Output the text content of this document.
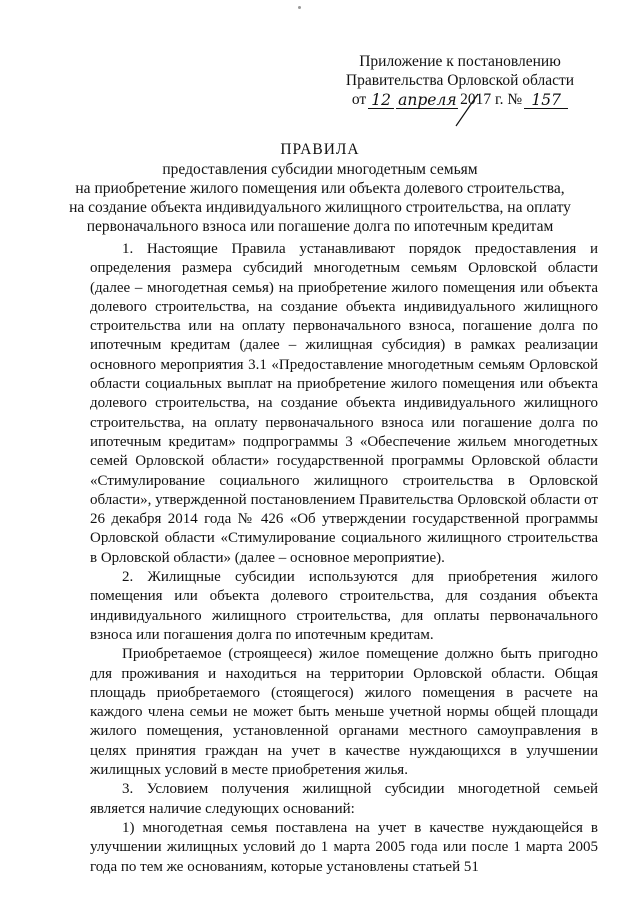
Приложение к постановлению
Правительства Орловской области
от 12 апреля 2017 г. № 157
ПРАВИЛА
предоставления субсидии многодетным семьям
на приобретение жилого помещения или объекта долевого строительства,
на создание объекта индивидуального жилищного строительства, на оплату
первоначального взноса или погашение долга по ипотечным кредитам

1. Настоящие Правила устанавливают порядок предоставления и определения размера субсидий многодетным семьям Орловской области (далее – многодетная семья) на приобретение жилого помещения или объекта долевого строительства, на создание объекта индивидуального жилищного строительства или на оплату первоначального взноса, погашение долга по ипотечным кредитам (далее – жилищная субсидия) в рамках реализации основного мероприятия 3.1 «Предоставление многодетным семьям Орловской области социальных выплат на приобретение жилого помещения или объекта долевого строительства, на создание объекта индивидуального жилищного строительства, на оплату первоначального взноса или погашение долга по ипотечным кредитам» подпрограммы 3 «Обеспечение жильем многодетных семей Орловской области» государственной программы Орловской области «Стимулирование социального жилищного строительства в Орловской области», утвержденной постановлением Правительства Орловской области от 26 декабря 2014 года № 426 «Об утверждении государственной программы Орловской области «Стимулирование социального жилищного строительства в Орловской области» (далее – основное мероприятие).

2. Жилищные субсидии используются для приобретения жилого помещения или объекта долевого строительства, для создания объекта индивидуального жилищного строительства, для оплаты первоначального взноса или погашения долга по ипотечным кредитам.

Приобретаемое (строящееся) жилое помещение должно быть пригодно для проживания и находиться на территории Орловской области. Общая площадь приобретаемого (стоящегося) жилого помещения в расчете на каждого члена семьи не может быть меньше учетной нормы общей площади жилого помещения, установленной органами местного самоуправления в целях принятия граждан на учет в качестве нуждающихся в улучшении жилищных условий в месте приобретения жилья.

3. Условием получения жилищной субсидии многодетной семьей является наличие следующих оснований:

1) многодетная семья поставлена на учет в качестве нуждающейся в улучшении жилищных условий до 1 марта 2005 года или после 1 марта 2005 года по тем же основаниям, которые установлены статьей 51
